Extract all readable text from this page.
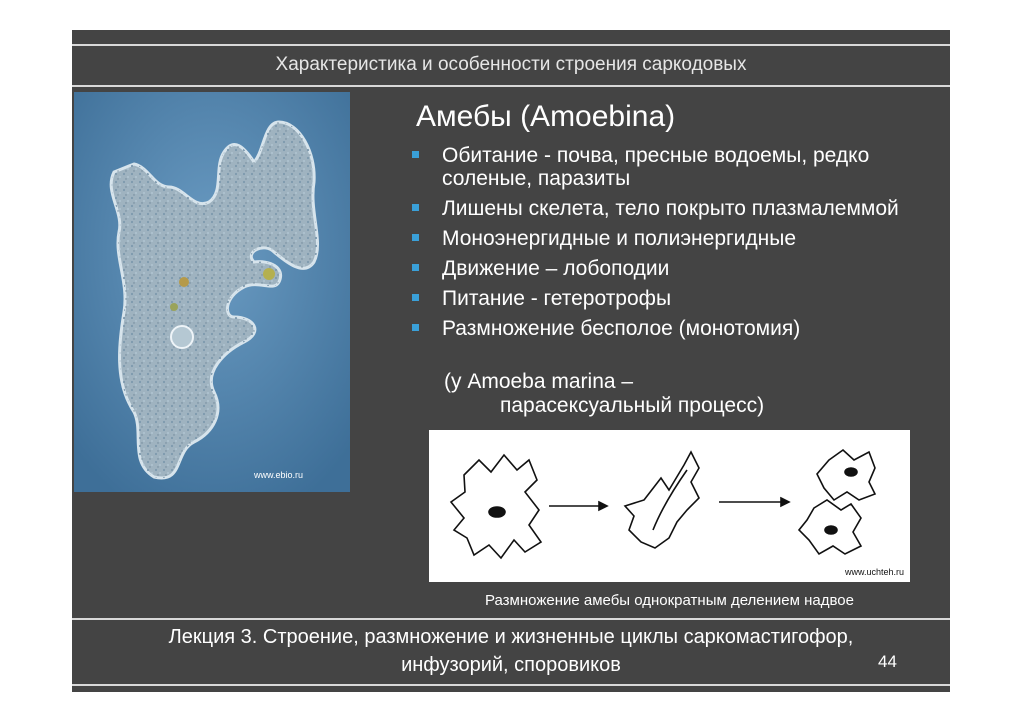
Характеристика и особенности строения саркодовых
www.ebio.ru
Амебы (Amoebina)
Обитание - почва, пресные водоемы, редко соленые, паразиты
Лишены скелета, тело покрыто плазмалеммой
Моноэнергидные и полиэнергидные
Движение – лобоподии
Питание - гетеротрофы
Размножение бесполое (монотомия)
(у Amoeba marina –
парасексуальный процесс)
www.uchteh.ru
Размножение амебы однократным делением надвое
Лекция 3. Строение, размножение и жизненные циклы саркомастигофор,
инфузорий, споровиков	44
